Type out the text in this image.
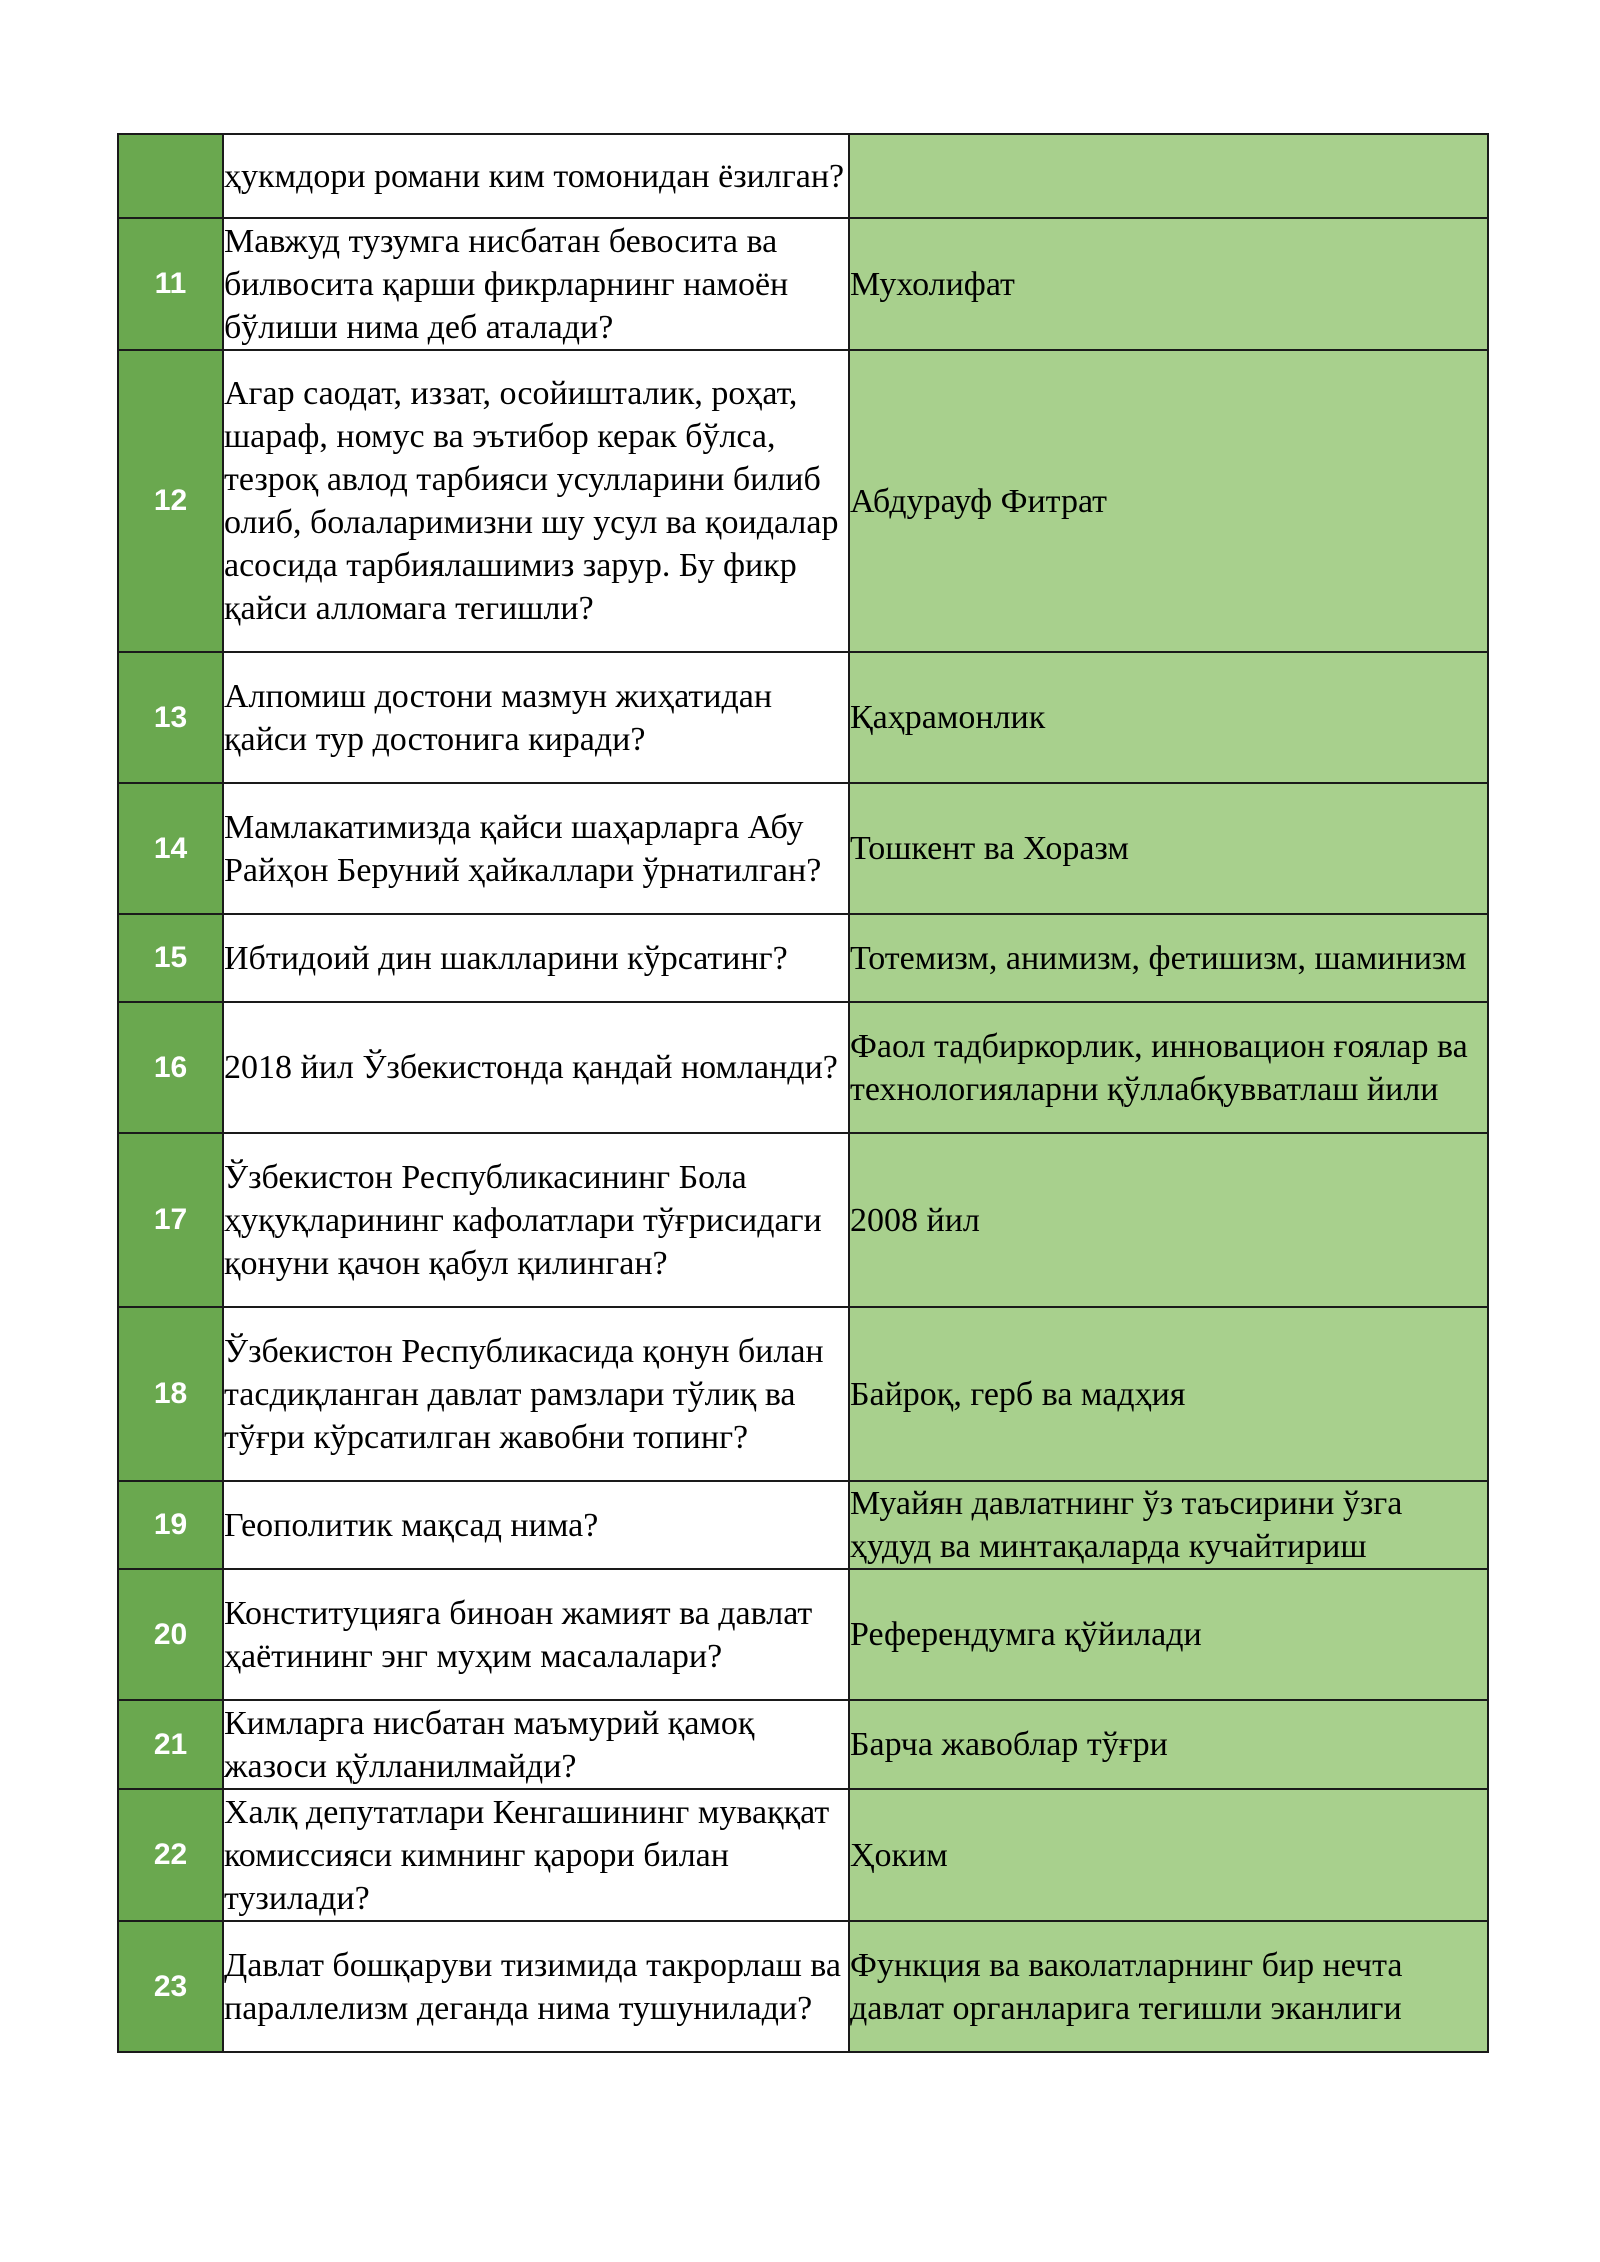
	ҳукмдори романи ким томонидан ёзилган?	
11	Мавжуд тузумга нисбатан бевосита ва билвосита қарши фикрларнинг намоён бўлиши нима деб аталади?	Мухолифат
12	Агар саодат, иззат, осойишталик, роҳат, шараф, номус ва эътибор керак бўлса, тезроқ авлод тарбияси усулларини билиб олиб, болаларимизни шу усул ва қоидалар асосида тарбиялашимиз зарур. Бу фикр қайси алломага тегишли?	Абдурауф Фитрат
13	Алпомиш достони мазмун жиҳатидан қайси тур достонига киради?	Қаҳрамонлик
14	Мамлакатимизда қайси шаҳарларга Абу Райҳон Беруний ҳайкаллари ўрнатилган?	Тошкент ва Хоразм
15	Ибтидоий дин шаклларини кўрсатинг?	Тотемизм, анимизм, фетишизм, шаминизм
16	2018 йил Ўзбекистонда қандай номланди?	Фаол тадбиркорлик, инновацион ғоялар ва технологияларни қўллабқувватлаш йили
17	Ўзбекистон Республикасининг Бола ҳуқуқларининг кафолатлари тўғрисидаги қонуни қачон қабул қилинган?	2008 йил
18	Ўзбекистон Республикасида қонун билан тасдиқланган давлат рамзлари тўлиқ ва тўғри кўрсатилган жавобни топинг?	Байроқ, герб ва мадҳия
19	Геополитик мақсад нима?	Муайян давлатнинг ўз таъсирини ўзга ҳудуд ва минтақаларда кучайтириш
20	Конституцияга биноан жамият ва давлат ҳаётининг энг муҳим масалалари?	Референдумга қўйилади
21	Кимларга нисбатан маъмурий қамоқ жазоси қўлланилмайди?	Барча жавоблар тўғри
22	Халқ депутатлари Кенгашининг муваққат комиссияси кимнинг қарори билан тузилади?	Ҳоким
23	Давлат бошқаруви тизимида такрорлаш ва параллелизм деганда нима тушунилади?	Функция ва ваколатларнинг бир нечта давлат органларига тегишли эканлиги
